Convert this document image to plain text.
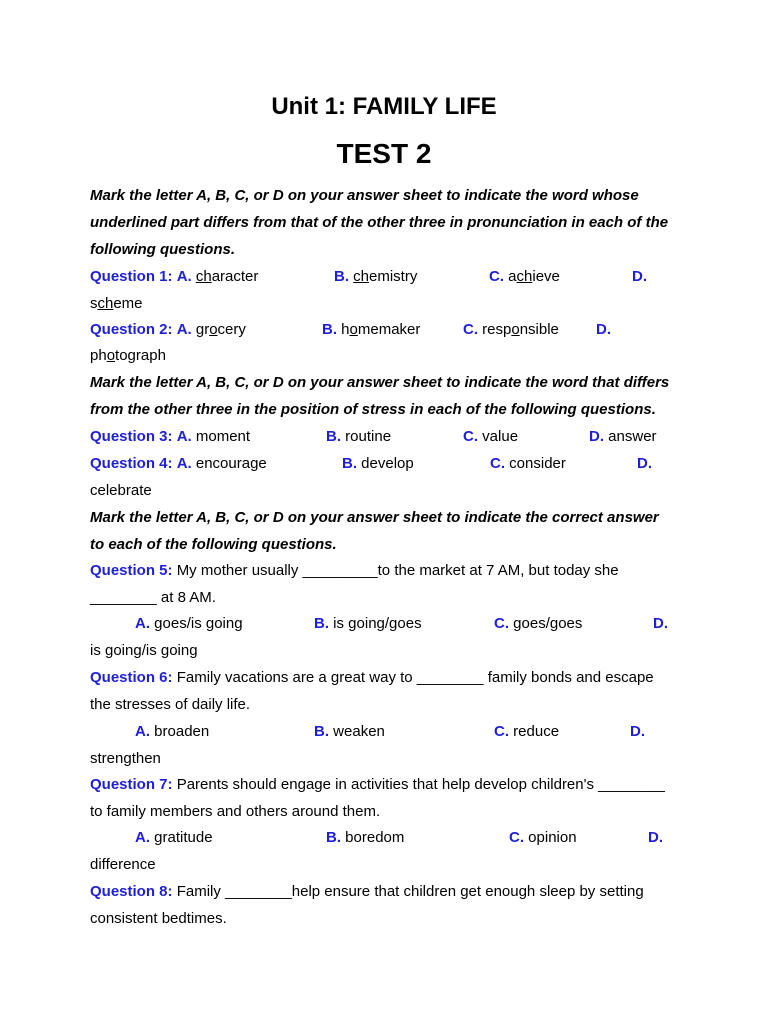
Unit 1: FAMILY LIFE
TEST 2
Mark the letter A, B, C, or D on your answer sheet to indicate the word whose
underlined part differs from that of the other three in pronunciation in each of the
following questions.
Question 1: A. character	B. chemistry	C. achieve	D.
scheme
Question 2: A. grocery	B. homemaker	C. responsible D.
photograph
Mark the letter A, B, C, or D on your answer sheet to indicate the word that differs
from the other three in the position of stress in each of the following questions.
Question 3: A. moment	B. routine	C. value	D. answer
Question 4: A. encourage	B. develop	C. consider	D.
celebrate
Mark the letter A, B, C, or D on your answer sheet to indicate the correct answer
to each of the following questions.
Question 5: My mother usually _________to the market at 7 AM, but today she
________ at 8 AM.
A. goes/is going	B. is going/goes	C. goes/goes	D.
is going/is going
Question 6: Family vacations are a great way to ________ family bonds and escape
the stresses of daily life.
A. broaden	B. weaken	C. reduce	D.
strengthen
Question 7: Parents should engage in activities that help develop children's ________
to family members and others around them.
A. gratitude	B. boredom	C. opinion	D.
difference
Question 8: Family ________help ensure that children get enough sleep by setting
consistent bedtimes.
